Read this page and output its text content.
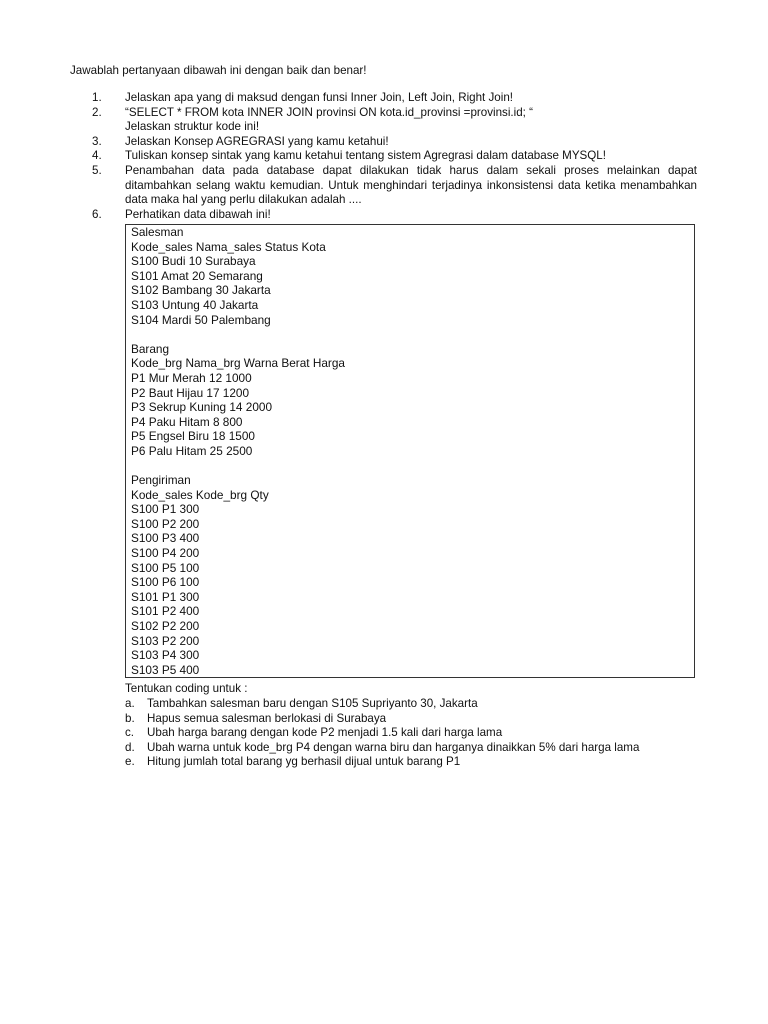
Jawablah pertanyaan dibawah ini dengan baik dan benar!
1.	Jelaskan apa yang di maksud dengan funsi Inner Join, Left Join, Right Join!
2.	“SELECT * FROM kota INNER JOIN provinsi ON kota.id_provinsi =provinsi.id; “
Jelaskan struktur kode ini!
3.	Jelaskan Konsep AGREGRASI yang kamu ketahui!
4.	Tuliskan konsep sintak yang kamu ketahui tentang sistem Agregrasi dalam database MYSQL!
5.	Penambahan data pada database dapat dilakukan tidak harus dalam sekali proses melainkan dapat ditambahkan selang waktu kemudian. Untuk menghindari terjadinya inkonsistensi data ketika menambahkan data maka hal yang perlu dilakukan adalah ....
6.	Perhatikan data dibawah ini!
Salesman
Kode_sales Nama_sales Status Kota
S100 Budi 10 Surabaya
S101 Amat 20 Semarang
S102 Bambang 30 Jakarta
S103 Untung 40 Jakarta
S104 Mardi 50 Palembang
Barang
Kode_brg Nama_brg Warna Berat Harga
P1 Mur Merah 12 1000
P2 Baut Hijau 17 1200
P3 Sekrup Kuning 14 2000
P4 Paku Hitam 8 800
P5 Engsel Biru 18 1500
P6 Palu Hitam 25 2500
Pengiriman
Kode_sales Kode_brg Qty
S100 P1 300
S100 P2 200
S100 P3 400
S100 P4 200
S100 P5 100
S100 P6 100
S101 P1 300
S101 P2 400
S102 P2 200
S103 P2 200
S103 P4 300
S103 P5 400
Tentukan coding untuk :
a.	Tambahkan salesman baru dengan S105 Supriyanto 30, Jakarta
b.	Hapus semua salesman berlokasi di Surabaya
c.	Ubah harga barang dengan kode P2 menjadi 1.5 kali dari harga lama
d.	Ubah warna untuk kode_brg P4 dengan warna biru dan harganya dinaikkan 5% dari harga lama
e.	Hitung jumlah total barang yg berhasil dijual untuk barang P1
